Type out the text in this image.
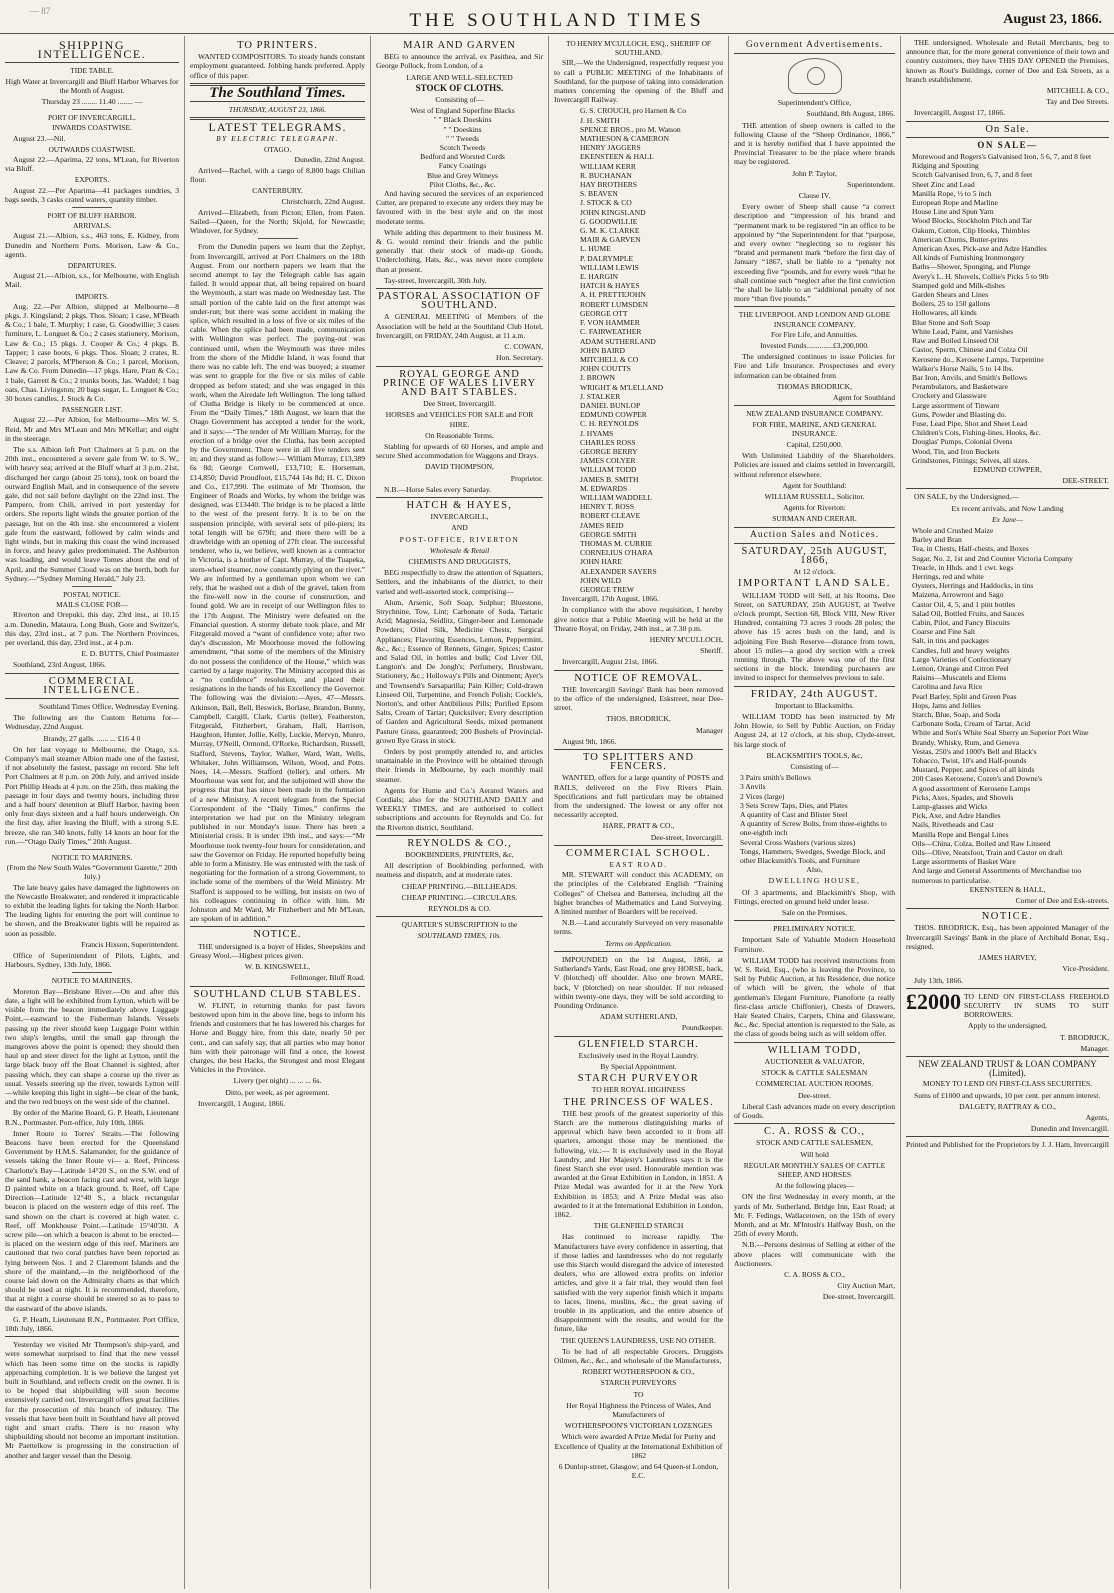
— 87	THE SOUTHLAND TIMES	August 23, 1866.
SHIPPING INTELLIGENCE.
TIDE TABLE.

High Water at Invercargill and Bluff Harbor Wharves for the Month of August.

Thursday 23 ........ 11.40 ........ —

PORT OF INVERCARGILL.
INWARDS COASTWISE.

August 23.—Nil.

OUTWARDS COASTWISE.

August 22.—Aparima, 22 tons, M'Lean, for Riverton via Bluff.

EXPORTS.

August 22.—Per Aparima—41 packages sundries, 3 bags seeds, 3 casks crated waters, quantity timber.

PORT OF BLUFF HARBOR.
ARRIVALS.

August 21.—Albion, s.s., 463 tons, E. Kidney, from Dunedin and Northern Ports. Morison, Law & Co., agents.

DEPARTURES.

August 21.—Albion, s.s., for Melbourne, with English Mail.

IMPORTS.

Aug. 22.—Per Albion, shipped at Melbourne—8 pkgs. J. Kingsland; 2 pkgs. Thos. Sloan; 1 case, M'Beath & Co.; 1 bale, T. Murphy; 1 case, G. Goodwillie; 3 cases furniture, L. Longuet & Co.; 2 cases stationery, Morison, Law & Co.; 15 pkgs. J. Cooper & Co.; 4 pkgs. B. Tapper; 1 case boots, 6 pkgs. Thos. Sloan; 2 crates, R. Cleave; 2 parcels, M'Pherson & Co.; 1 parcel, Morison, Law & Co. From Dunedin—17 pkgs. Hare, Pratt & Co.; 1 bale, Garrett & Co.; 2 trunks boots, Jas. Waddel; 1 bag oats, Chas. Livingston; 20 bags sugar, L. Longuet & Co.; 30 boxes candles, J. Stock & Co.

PASSENGER LIST.

August 22.—Per Albion, for Melbourne—Mrs W. S. Reid, Mr and Mrs M'Lean and Mrs M'Kellar; and eight in the steerage.

The s.s. Albion left Port Chalmers at 5 p.m. on the 20th inst., encountered a severe gale from W. to S. W., with heavy sea; arrived at the Bluff wharf at 3 p.m. 21st, discharged her cargo (about 25 tons), took on board the outward English Mail, and in consequence of the severe gale, did not sail before daylight on the 22nd inst. The Pampero, from Chili, arrived in port yesterday for orders. She reports light winds the greater portion of the passage, but on the 4th inst. she encountered a violent gale from the eastward, followed by calm winds and light winds, but in making this coast the wind increased in force, and heavy gales predominated. The Ashburton was loading, and would leave Tomes about the end of April, and the Summer Cloud was on the berth, both for Sydney.—“Sydney Morning Herald,” July 23.

POSTAL NOTICE.
MAILS CLOSE FOR—

Riverton and Orepuki, this day, 23rd inst., at 10.15 a.m. Dunedin, Mataura, Long Bush, Gore and Switzer's, this day, 23rd inst., at 7 p.m. The Northern Provinces, per overland, this day, 23rd inst., at 4 p.m.

E. D. BUTTS, Chief Postmaster

Southland, 23rd August, 1866.

COMMERCIAL INTELLIGENCE.

Southland Times Office, Wednesday Evening.

The following are the Custom Returns for— Wednesday, 22nd August.

Brandy, 27 galls. ...... ... £16 4 0

On her last voyage to Melbourne, the Otago, s.s. Company's mail steamer Albion made one of the fastest, if not absolutely the fastest, passage on record. She left Port Chalmers at 8 p.m. on 20th July, and arrived inside Port Phillip Heads at 4 p.m. on the 25th, thus making the passage in four days and twenty hours, including three and a half hours' detention at Bluff Harbor, having been only four days sixteen and a half hours underweigh. On the first day, after leaving the Bluff, with a strong S.E. breeze, she ran 340 knots, fully 14 knots an hour for the run.—“Otago Daily Times,” 20th August.

NOTICE TO MARINERS.
(From the New South Wales “Government Gazette,” 20th July.)

The late heavy gales have damaged the lighttowers on the Newcastle Breakwater, and rendered it impracticable to exhibit the leading lights for taking the North Harbor. The leading lights for entering the port will continue to be shown, and the Breakwater lights will be repaired as soon as possible.

Francis Hixson, Superintendent.

Office of Superintendent of Pilots, Lights, and Harbours, Sydney, 13th July, 1866.

NOTICE TO MARINERS.

Moreton Bay—Brisbane River.—On and after this date, a light will be exhibited from Lytton, which will be visible from the beacon immediately above Luggage Point,—eastward to the Fisherman Islands. Vessels passing up the river should keep Luggage Point within two ship's lengths, until the small gap through the mangroves above the point is opened; they should then haul up and steer direct for the light at Lytton, until the large black buoy off the Boat Channel is sighted, after passing which, they can shape a course up the river as usual. Vessels steering up the river, towards Lytton will—while keeping this light in sight—be clear of the bank, and the two red buoys on the west side of the channel.

By order of the Marine Board, G. P. Heath, Lieutenant R.N., Portmaster. Port-office, July 10th, 1866.

Inner Route to Torres' Straits.—The following Beacons have been erected for the Queensland Government by H.M.S. Salamander, for the guidance of vessels taking the Inner Route vi— a. Reef, Princess Charlotte's Bay—Latitude 14°20 S., on the S.W. end of the sand bank, a beacon facing cast and west, with large D painted white on a black ground. b. Reef, off Cape Direction—Latitude 12°40 S., a black rectangular beacon is placed on the western edge of this reef. The sand shown on the chart is covered at high water. c. Reef, off Monkhouse Point.—Latitude 15°40'30. A screw pile—on which a beacon is about to be erected—is placed on the western edge of this reef. Mariners are cautioned that two coral patches have been reported as lying between Nos. 1 and 2 Claremont Islands and the shore of the mainland,—in the neighborhood of the course laid down on the Admiralty charts as that which should be used at night. It is recommended, therefore, that at night a course should be steered so as to pass to the eastward of the above islands.

G. P. Heath, Lieutenant R.N., Portmaster. Port Office, 18th July, 1866.

Yesterday we visited Mr Thompson's ship-yard, and were somewhat surprised to find that the new vessel which has been some time on the stocks is rapidly approaching completion. It is we believe the largest yet built in Southland, and reflects credit on the owner. It is to be hoped that shipbuilding will soon become extensively carried out. Invercargill offers great facilities for the prosecution of this branch of industry. The vessels that have been built in Southland have all proved tight and smart crafts. There is no reason why shipbuilding should not become an important institution. Mr Paettelkow is progressing in the construction of another and larger vessel than the Desoig.

TO PRINTERS.

WANTED COMPOSITORS. To steady hands constant employment guaranteed. Jobbing hands preferred. Apply office of this paper.

The Southland Times.
THURSDAY, AUGUST 23, 1866.
LATEST TELEGRAMS.
BY ELECTRIC TELEGRAPH.
OTAGO.

Dunedin, 22nd August.

Arrived—Rachel, with a cargo of 8,800 bags Chilian flour.

CANTERBURY.

Christchurch, 22nd August.

Arrived—Elizabeth, from Picton; Ellen, from Paten. Sailed—Queen, for the North; Skjold, for Newcastle; Windover, for Sydney.

From the Dunedin papers we learn that the Zephyr, from Invercargill, arrived at Port Chalmers on the 18th August. From our northern papers we learn that the second attempt to lay the Telegraph cable has again failed. It would appear that, all being repaired on board the Weymouth, a start was made on Wednesday last. The small portion of the cable laid on the first attempt was under-run; but there was some accident in making the splice, which resulted in a loss of five or six miles of the cable. When the splice had been made, communication with Wellington was perfect. The paying-out was continued until, when the Weymouth was three miles from the shore of the Middle Island, it was found that there was no cable left. The end was buoyed; a steamer was sent to grapple for the five or six miles of cable dropped as before stated; and she was engaged in this work, when the Airedale left Wellington. The long talked of Clutha Bridge is likely to be commenced at once. From the “Daily Times,” 18th August, we learn that the Otago Government has accepted a tender for the work, and it says:—“The tender of Mr William Murray, for the erection of a bridge over the Clutha, has been accepted by the Government. There were in all five tenders sent in; and they stand as follow:— William Murray, £13,389 6s 8d; George Cornwell, £13,710; E. Horseman, £14,850; David Proudfoot, £15,744 14s 8d; H. C. Dixon and Co., £17,990. The estimate of Mr Thomson, the Engineer of Roads and Works, by whom the bridge was designed, was £13440. The bridge is to be placed a little to the west of the present ferry. It is to be on the suspension principle, with several sets of pile-piers; its total length will be 679ft; and there there will be a drawbridge with an opening of 27ft clear. The successful tenderer, who is, we believe, well known as a contractor in Victoria, is a brother of Capt. Murray, of the Tuapeka, stern-wheel steamer, now constantly plying on the river.” We are informed by a gentleman upon whom we can rely, that he washed out a dish of the gravel, taken from the fire-well now in the course of construction, and found gold. We are in receipt of our Wellington files to the 17th August. The Ministry were defeated on the Financial question. A stormy debate took place, and Mr Fitzgerald moved a “want of confidence vote; after two day's discussion, Mr Moorhouse moved the following amendment, “that some of the members of the Ministry do not possess the confidence of the House,” which was carried by a large majority. The Ministry accepted this as a “no confidence” resolution, and placed their resignations in the hands of his Excellency the Governor. The following was the division:—Ayes, 47—Messrs. Atkinson, Ball, Bell, Beswick, Borlase, Brandon, Bunny, Campbell, Cargill, Clark, Curtis (teller), Featherston, Fitzgerald, Fitzherbert, Graham, Hall, Harrison, Haughton, Hunter, Jollie, Kelly, Luckie, Mervyn, Munro, Murray, O'Neill, Ormond, O'Rorke, Richardson, Russell, Stafford, Stevens, Taylor, Walker, Ward, Watt, Wells, Whitaker, John Williamson, Wilson, Wood, and Potts. Noes, 14.—Messrs. Stafford (teller), and others. Mr Moorhouse was sent for, and the subjoined will show the progress that that has since been made in the formation of a new Ministry. A recent telegram from the Special Correspondent of the “Daily Times,” confirms the interpretation we had put on the Ministry telegram published in our Monday's issue. There has been a Ministerial crisis. It is under 19th inst., and says:—“Mr Moorhouse took twenty-four hours for consideration, and saw the Governor on Friday. He reported hopefully being able to form a Ministry. He was entrusted with the task of negotiating for the formation of a strong Government, to include some of the members of the Weld Ministry. Mr Stafford is supposed to be willing, but insists on two of his colleagues continuing in office with him. Mr Johnston and Mr Ward, Mr Fitzherbert and Mr M'Lean, are spoken of in addition.”

NOTICE.

THE undersigned is a buyer of Hides, Sheepskins and Greasy Wool.—Highest prices given.

W. B. KINGSWELL,

Fellmonger, Bluff Road.

SOUTHLAND CLUB STABLES.

W. FLINT, in returning thanks for past favors bestowed upon him in the above line, begs to inform his friends and customers that he has lowered his charges for Horse and Buggy hire, from this date, nearly 50 per cent., and can safely say, that all parties who may honor him with their patronage will find a once, the lowest charges, the best Hacks, the Strongest and most Elegant Vehicles in the Province.

Livery (per night) ... ... ... 6s.

Ditto, per week, as per agreement.

Invercargill, 1 August, 1866.

MAIR AND GARVEN

BEG to announce the arrival, ex Pasithea, and Sir George Pollock, from London, of a

LARGE AND WELL-SELECTED

STOCK OF CLOTHS.

Consisting of—

West of England Superfine Blacks
" " Black Doeskins
" " Doeskins
" " Tweeds
Scotch Tweeds
Bedford and Worsted Cords
Fancy Coatings
Blue and Grey Witneys
Pilot Cloths, &c., &c.

And having secured the services of an experienced Cutter, are prepared to execute any orders they may be favoured with in the best style and on the most moderate terms.

While adding this department to their business M. & G. would remind their friends and the public generally that their stock of made-up Goods, Underclothing, Hats, &c., was never more complete than at present.

Tay-street, Invercargill, 30th July.

PASTORAL ASSOCIATION OF SOUTHLAND.

A GENERAL MEETING of Members of the Association will be held at the Southland Club Hotel, Invercargill, on FRIDAY, 24th August, at 11 a.m.

C. COWAN,

Hon. Secretary.

ROYAL GEORGE AND PRINCE OF WALES LIVERY AND BAIT STABLES.

Dee Street, Invercargill.

HORSES and VEHICLES FOR SALE and FOR HIRE.

On Reasonable Terms.

Stabling for upwards of 60 Horses, and ample and secure Shed accommodation for Waggons and Drays.

DAVID THOMPSON,

Proprietor.

N.B.—Horse Sales every Saturday.

HATCH & HAYES,

INVERCARGILL,

AND

POST-OFFICE, RIVERTON

Wholesale & Retail

CHEMISTS AND DRUGGISTS,

BEG respectfully to draw the attention of Squatters, Settlers, and the inhabitants of the district, to their varied and well-assorted stock, comprising—

Alum, Arsenic, Soft Soap, Sulphur; Bluestone, Strychnine, Tow, Lint; Carbonate of Soda, Tartaric Acid; Magnesia, Seidlitz, Ginger-beer and Lemonade Powders; Oiled Silk, Medicine Chests, Surgical Appliances; Flavoring Essences, Lemon, Peppermint, &c., &c.; Essence of Rennets, Ginger, Spices; Castor and Salad Oil, in bottles and bulk; Cod Liver Oil, Langton's and De Jongh's; Perfumery, Brushware, Stationery, &c.; Holloway's Pills and Ointment; Ayer's and Townsend's Sarsaparilla; Pain Killer; Cold-drawn Linseed Oil, Turpentine, and French Polish; Cockle's, Norton's, and other Antibilious Pills; Purified Epsom Salts, Cream of Tartar; Quicksilver; Every description of Garden and Agricultural Seeds, mixed permanent Pasture Grass, guaranteed; 200 Bushels of Provincial-grown Rye Grass in stock.

Orders by post promptly attended to, and articles unattainable in the Province will be obtained through their friends in Melbourne, by each monthly mail steamer.

Agents for Hume and Co.'s Aerated Waters and Cordials; also for the SOUTHLAND DAILY and WEEKLY TIMES, and are authorised to collect subscriptions and accounts for Reynolds and Co. for the Riverton district, Southland.

REYNOLDS & CO.,

BOOKBINDERS, PRINTERS, &c,

All description of Bookbinding performed, with neatness and dispatch, and at moderate rates.

CHEAP PRINTING.—BILLHEADS.

CHEAP PRINTING.—CIRCULARS.

REYNOLDS & CO.

QUARTER'S SUBSCRIPTION to the

SOUTHLAND TIMES, 10s.

TO HENRY M'CULLOCH, ESQ., SHERIFF OF SOUTHLAND.

SIR,—We the Undersigned, respectfully request you to call a PUBLIC MEETING of the Inhabitants of Southland, for the purpose of taking into consideration matters concerning the opening of the Bluff and Invercargill Railway.

G. S. CROUCH, pro Harnett & Co
J. H. SMITH
SPENCE BROS., pro M. Watson
MATHESON & CAMERON
HENRY JAGGERS
EKENSTEEN & HALL
WILLIAM KERR
R. BUCHANAN
HAY BROTHERS
S. BEAVEN
J. STOCK & CO
JOHN KINGSLAND
G. GOODWILLIE
G. M. K. CLARKE
MAIR & GARVEN
L. HUME
P. DALRYMPLE
WILLIAM LEWIS
E. HARGIN
HATCH & HAYES
A. H. PRETTEJOHN
ROBERT LUMSDEN
GEORGE OTT
F. VON HAMMER
C. FAIRWEATHER
ADAM SUTHERLAND
JOHN BAIRD
MITCHELL & CO
JOHN COUTTS
J. BROWN
WRIGHT & M'LELLAND
J. STALKER
DANIEL BUNLOP
EDMUND COWPER
C. H. REYNOLDS
J. HYAMS
CHARLES ROSS
GEORGE BERRY
JAMES COLYER
WILLIAM TODD
JAMES B. SMITH
M. EDWARDS
WILLIAM WADDELL
HENRY T. ROSS
ROBERT CLEAVE
JAMES REID
GEORGE SMITH
THOMAS M. CURRIE
CORNELIUS O'HARA
JOHN HARE
ALEXANDER SAYERS
JOHN WILD
GEORGE TREW

Invercargill, 17th August, 1866.

In compliance with the above requisition, I hereby give notice that a Public Meeting will be held at the Theatre Royal, on Friday, 24th inst., at 7.30 p.m.

HENRY M'CULLOCH,

Sheriff.

Invercargill, August 21st, 1866.

NOTICE OF REMOVAL.

THE Invercargill Savings' Bank has been removed to the office of the undersigned, Eskstreet, near Dee-street.

THOS. BRODRICK,

Manager

August 9th, 1866.

TO SPLITTERS AND FENCERS.

WANTED, offers for a large quantity of POSTS and RAILS, delivered on the Five Rivers Plain. Specifications and full particulars may be obtained from the undersigned. The lowest or any offer not necessarily accepted.

HARE, PRATT & CO.,

Dee-street, Invercargill.

COMMERCIAL SCHOOL.
EAST ROAD.

MR. STEWART will conduct this ACADEMY, on the principles of the Celebrated English “Training Colleges” of Chelsea and Battersea, including all the higher branches of Mathematics and Land Surveying. A limited number of Boarders will be received.

N.B.—Land accurately Surveyed on very reasonable terms.

Terms on Application.

IMPOUNDED on the 1st August, 1866, at Sutherland's Yards, East Road, one grey HORSE, back, V (blotched) off shoulder. Also one brown MARE, back, V (blotched) on near shoulder. If not released within twenty-one days, they will be sold according to Pounding Ordinance.

ADAM SUTHERLAND,

Poundkeeper.

GLENFIELD STARCH.

Exclusively used in the Royal Laundry.

By Special Appointment.

STARCH PURVEYOR

TO HER ROYAL HIGHNESS

THE PRINCESS OF WALES.

THE best proofs of the greatest superiority of this Starch are the numerous distinguishing marks of approval which have been accorded to it from all quarters, amongst those may be mentioned the following, viz.:— It is exclusively used in the Royal Laundry, and Her Majesty's Laundress says it is the finest Starch she ever used. Honourable mention was awarded at the Great Exhibition in London, in 1851. A Prize Medal was awarded for it at the New York Exhibition in 1853; and A Prize Medal was also awarded to it at the International Exhibition in London, 1862.

THE GLENFIELD STARCH

Has continued to increase rapidly. The Manufacturers have every confidence in asserting, that if those ladies and laundresses who do not regularly use this Starch would disregard the advice of interested dealers, who are allowed extra profits on inferior articles, and give it a fair trial, they would then feel satisfied with the very superior finish which it imparts to laces, linens, muslins, &c., the great saving of trouble in its application, and the entire absence of disappointment with the results, and would for the future, like

THE QUEEN'S LAUNDRESS, USE NO OTHER.

To be had of all respectable Grocers, Druggists Oilmen, &c., &c., and wholesale of the Manufacturers,

ROBERT WOTHERSPOON & CO.,

STARCH PURVEYORS

TO

Her Royal Highness the Princess of Wales, And Manufacturers of

WOTHERSPOON'S VICTORIAN LOZENGES

Which were awarded A Prize Medal for Purity and Excellence of Quality at the International Exhibition of 1862

6 Dunlop-street, Glasgow; and 64 Queen-st London, E.C.

Government Advertisements.

Superintendent's Office,

Southland, 8th August, 1866.

THE attention of sheep owners is called to the following Clause of the “Sheep Ordinance, 1866,” and it is hereby notified that I have appointed the Provincial Treasurer to be the place where brands may be registered.

John P. Taylor,

Superintendent.

Clause IV.

Every owner of Sheep shall cause “a correct description and “impression of his brand and “permanent mark to be registered “in an office to be appointed by “the Superintendent for that “purpose, and every owner “neglecting so to register his “brand and permanent mark “before the first day of January “1867, shall be liable to a “penalty not exceeding five “pounds, and for every week “that he shall continue such “neglect after the first conviction “he shall be liable to an “additional penalty of not more “than five pounds.”

THE LIVERPOOL AND LONDON AND GLOBE INSURANCE COMPANY.

For Fire Life, and Annuities.

Invested Funds..............£3,200,000.

The undersigned continues to issue Policies for Fire and Life Insurance. Prospectuses and every information can be obtained from

THOMAS BRODRICK,

Agent for Southland

NEW ZEALAND INSURANCE COMPANY.

FOR FIRE, MARINE, AND GENERAL INSURANCE.

Capital, £250,000.

With Unlimited Liability of the Shareholders. Policies are issued and claims settled in Invercargill, without reference elsewhere.

Agent for Southland:

WILLIAM RUSSELL, Solicitor.

Agents for Riverton:

SURMAN AND CRERAR.

Auction Sales and Notices.
SATURDAY, 25th AUGUST, 1866,

At 12 o'clock.

IMPORTANT LAND SALE.

WILLIAM TODD will Sell, at his Rooms, Dee Street, on SATURDAY, 25th AUGUST, at Twelve o'clock prompt, Section 68, Block VIII, New River Hundred, containing 73 acres 3 roods 28 poles; the above has 15 acres bush on the land, and is adjoining Fire Bush Reserve—distance from town, about 15 miles—a good dry section with a creek running through. The above was one of the first sections in the block. Intending purchasers are invited to inspect for themselves previous to sale.

FRIDAY, 24th AUGUST.

Important to Blacksmiths.

WILLIAM TODD has been instructed by Mr John Howie, to Sell by Public Auction, on Friday August 24, at 12 o'clock, at his shop, Clyde-street, his large stock of

BLACKSMITH'S TOOLS, &c,

Consisting of—

3 Pairs smith's Bellows
3 Anvils
2 Vices (large)
3 Sets Screw Taps, Dies, and Plates
A quantity of Cast and Blister Steel
A quantity of Screw Bolts, from three-eighths to one-eighth inch
Several Cross Washers (various sizes)
Tongs, Hammers, Swedges, Swedge Block, and other Blacksmith's Tools, and Furniture

Also,

DWELLING HOUSE,

Of 3 apartments, and Blacksmith's Shop, with Fittings, erected on ground held under lease.

Sale on the Premises.

PRELIMINARY NOTICE.

Important Sale of Valuable Modern Household Furniture.

WILLIAM TODD has received instructions from W. S. Reid, Esq., (who is leaving the Province, to Sell by Public Auction, at his Residence, due notice of which will be given, the whole of that gentleman's Elegant Furniture, Pianoforte (a really first-class article Chiffonier), Chests of Drawers, Hair Seated Chairs, Carpets, China and Glassware, &c., &c. Special attention is requested to the Sale, as the class of goods being such as will seldom offer.

WILLIAM TODD,

AUCTIONEER & VALUATOR,

STOCK & CATTLE SALESMAN

COMMERCIAL AUCTION ROOMS.

Dee-street.

Liberal Cash advances made on every description of Goods.

C. A. ROSS & CO.,

STOCK AND CATTLE SALESMEN,

Will hold

REGULAR MONTHLY SALES OF CATTLE SHEEP, AND HORSES

At the following places—

ON the first Wednesday in every month, at the yards of Mr. Sutherland, Bridge Inn, East Road; at Mr. F. Fedings, Wallacetown, on the 15th of every Month, and at Mr. M'Intosh's Halfway Bush, on the 25th of every Month.

N.B.—Persons desirous of Selling at either of the above places will communicate with the Auctioneers.

C. A. ROSS & CO.,

City Auction Mart,

Dee-street, Invercargill.

THE undersigned, Wholesale and Retail Merchants, beg to announce that, for the more general convenience of their town and country customers, they have THIS DAY OPENED the Premises, known as Rout's Buildings, corner of Dee and Esk Streets, as a branch establishment.

MITCHELL & CO.,

Tay and Dee Streets.

Invercargill, August 17, 1866.

On Sale.
ON SALE—
Morewood and Rogers's Galvanised Iron, 5 6, 7, and 8 feet
Ridging and Spouting
Scotch Galvanised Iron, 6, 7, and 8 feet
Sheet Zinc and Lead
Manilla Rope, ½ to 5 inch
European Rope and Marline
House Line and Spun Yarn
Wood Blocks, Stockholm Pitch and Tar
Oakum, Cotton, Clip Hooks, Thimbles
American Churns, Butter-prints
American Axes, Pick-axe and Adze Handles
All kinds of Furnishing Ironmongery
Baths—Shower, Sponging, and Plunge
Avery's L. H. Shovels, Collie's Picks 5 to 9lb
Stamped gold and Milk-dishes
Garden Shears and Lines
Boilers, 25 to 150 gallons
Hollowares, all kinds
Blue Stone and Soft Soap
White Lead, Paint, and Varnishes
Raw and Boiled Linseed Oil
Castor, Sperm, Chinese and Colza Oil
Kerosene do., Kerosene Lamps, Turpentine
Walker's Horse Nails, 5 to 14 lbs.
Bar Iron, Anvils, and Smith's Bellows
Perambulators, and Basketware
Crockery and Glassware
Large assortment of Tinware
Guns, Powder and Blasting do.
Fuse, Lead Pipe, Shot and Sheet Lead
Children's Cots, Fishing-lines, Hooks, &c.
Douglas' Pumps, Colonial Ovens
Wood, Tin, and Iron Buckets
Grindstones, Fittings; Seives, all sizes.

EDMUND COWPER,

DEE-STREET.

ON SALE, by the Undersigned,—

Ex recent arrivals, and Now Landing

Ex Jane—

Whole and Crushed Maize
Barley and Bran
Tea, in Chests, Half-chests, and Boxes
Sugar, No. 2, 1st and 2nd Counter Victoria Company
Treacle, in Hhds. and 1 cwt. kegs
Herrings, red and white
Oysters, Herrings and Haddocks, in tins
Maizena, Arrowroot and Sago
Castor Oil, 4, 5, and 1 pint bottles
Salad Oil, Bottled Fruits, and Sauces
Cabin, Pilot, and Fancy Biscuits
Coarse and Fine Salt
Salt, in tins and packages
Candles, full and heavy weights
Large Varieties of Confectionary
Lemon, Orange and Citron Peel
Raisins—Muscatels and Elems
Carolina and Java Rice
Pearl Barley, Split and Green Peas
Hops, Jams and Jellies
Starch, Blue, Soap, and Soda
Carbonate Soda, Cream of Tartar, Acid
White and Son's White Seal Sherry an Superior Port Wine
Brandy, Whisky, Rum, and Geneva
Vestas, 250's and 1000's Bell and Black's
Tobacco, Twist, 10's and Half-pounds
Mustard, Pepper, and Spices of all kinds
200 Cases Kerosene, Cozen's and Downe's
A good assortment of Kerosene Lamps
Picks, Axes, Spades, and Shovels
Lamp-glasses and Wicks
Pick, Axe, and Adze Handles
Nails, Rivetheads and Cast
Manilla Rope and Bengal Lines
Oils—China, Colza, Boiled and Raw Linseed
Oils—Olive, Neatsfoot, Train and Castor on draft
Large assortments of Basket Ware
And large and General Assortments of Merchandise too numerous to particularise.

EKENSTEEN & HALL,

Corner of Dee and Esk-streets.

NOTICE.

THOS. BRODRICK, Esq., has been appointed Manager of the Invercargill Savings' Bank in the place of Archibald Bonar, Esq., resigned.

JAMES HARVEY,

Vice-President.

July 13th, 1866.

£2000 TO LEND ON FIRST-CLASS FREEHOLD SECURITY IN SUMS TO SUIT BORROWERS.

Apply to the undersigned,

T. BRODRICK,

Manager.

NEW ZEALAND TRUST & LOAN COMPANY (Limited).

MONEY TO LEND ON FIRST-CLASS SECURITIES.

Sums of £1000 and upwards, 10 per cent. per annum interest.

DALGETY, RATTRAY & CO.,

Agents,

Dunedin and Invercargill.

Printed and Published for the Proprietors by J. J. Ham, Invercargill
